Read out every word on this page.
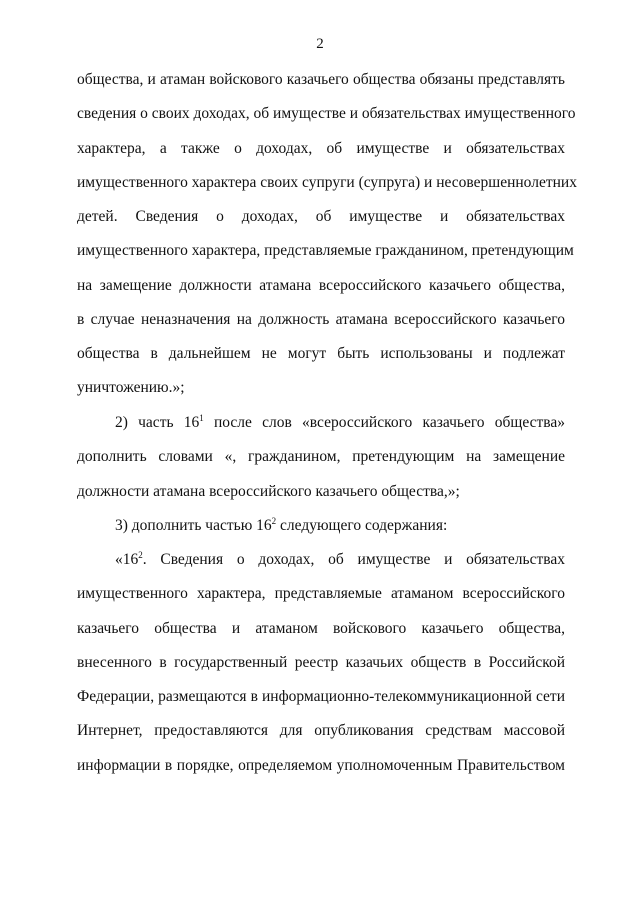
2
общества, и атаман войскового казачьего общества обязаны представлять
сведения о своих доходах, об имуществе и обязательствах имущественного
характера, а также о доходах, об имуществе и обязательствах
имущественного характера своих супруги (супруга) и несовершеннолетних
детей. Сведения о доходах, об имуществе и обязательствах
имущественного характера, представляемые гражданином, претендующим
на замещение должности атамана всероссийского казачьего общества,
в случае неназначения на должность атамана всероссийского казачьего
общества в дальнейшем не могут быть использованы и подлежат
уничтожению.»;
2) часть $16^1$ после слов «всероссийского казачьего общества»
дополнить словами «, гражданином, претендующим на замещение
должности атамана всероссийского казачьего общества,»;
3) дополнить частью $16^2$ следующего содержания:
«$16^2$. Сведения о доходах, об имуществе и обязательствах
имущественного характера, представляемые атаманом всероссийского
казачьего общества и атаманом войскового казачьего общества,
внесенного в государственный реестр казачьих обществ в Российской
Федерации, размещаются в информационно-телекоммуникационной сети
Интернет, предоставляются для опубликования средствам массовой
информации в порядке, определяемом уполномоченным Правительством
